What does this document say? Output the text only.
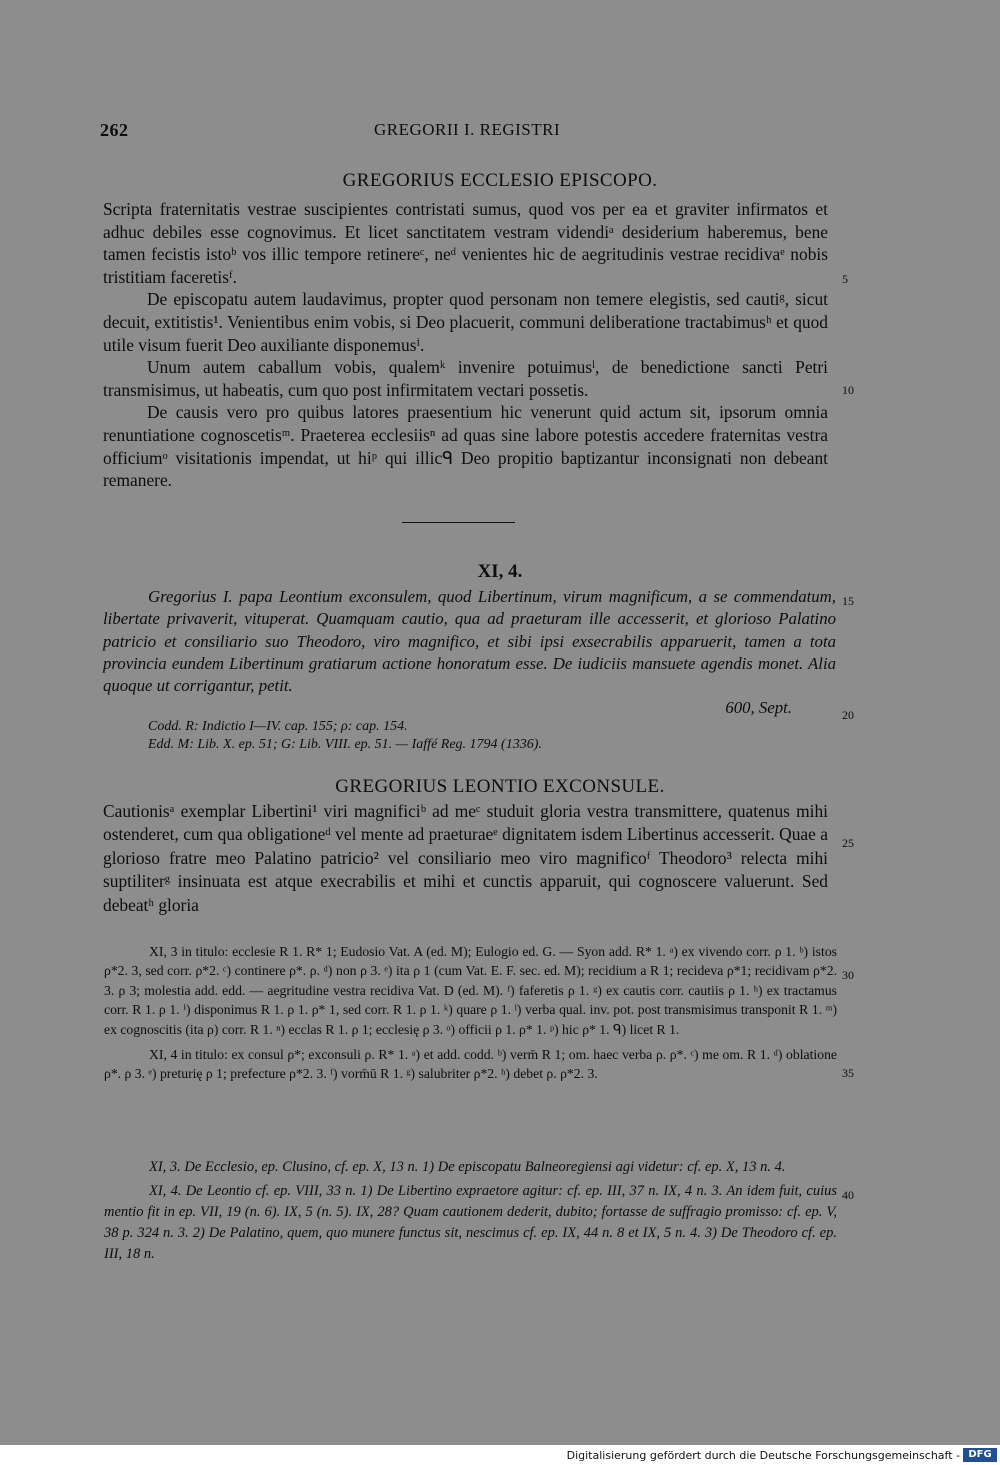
262	GREGORII I. REGISTRI
GREGORIUS ECCLESIO EPISCOPO.

Scripta fraternitatis vestrae suscipientes contristati sumus, quod vos per ea et graviter infirmatos et adhuc debiles esse cognovimus. Et licet sanctitatem vestram videndiᵃ desiderium haberemus, bene tamen fecistis istoᵇ vos illic tempore retinereᶜ, neᵈ venientes hic de aegritudinis vestrae recidivaᵉ nobis tristitiam faceretisᶠ.

De episcopatu autem laudavimus, propter quod personam non temere elegistis, sed cautiᵍ, sicut decuit, extitistis¹. Venientibus enim vobis, si Deo placuerit, communi deliberatione tractabimusʰ et quod utile visum fuerit Deo auxiliante disponemusⁱ.

Unum autem caballum vobis, qualemᵏ invenire potuimusˡ, de benedictione sancti Petri transmisimus, ut habeatis, cum quo post infirmitatem vectari possetis.

De causis vero pro quibus latores praesentium hic venerunt quid actum sit, ipsorum omnia renuntiatione cognoscetisᵐ. Praeterea ecclesiisⁿ ad quas sine labore potestis accedere fraternitas vestra officiumᵒ visitationis impendat, ut hiᵖ qui illicᑫ Deo propitio baptizantur inconsignati non debeant remanere.

XI, 4.

Gregorius I. papa Leontium exconsulem, quod Libertinum, virum magnificum, a se commendatum, libertate privaverit, vituperat. Quamquam cautio, qua ad praeturam ille accesserit, et glorioso Palatino patricio et consiliario suo Theodoro, viro magnifico, et sibi ipsi exsecrabilis apparuerit, tamen a tota provincia eundem Libertinum gratiarum actione honoratum esse. De iudiciis mansuete agendis monet. Alia quoque ut corrigantur, petit.

600, Sept.

Codd. R: Indictio I—IV. cap. 155; ρ: cap. 154.

Edd. M: Lib. X. ep. 51; G: Lib. VIII. ep. 51. — Iaffé Reg. 1794 (1336).

GREGORIUS LEONTIO EXCONSULE.

Cautionisᵃ exemplar Libertini¹ viri magnificiᵇ ad meᶜ studuit gloria vestra transmittere, quatenus mihi ostenderet, cum qua obligationeᵈ vel mente ad praeturaeᵉ dignitatem isdem Libertinus accesserit. Quae a glorioso fratre meo Palatino patricio² vel consiliario meo viro magnificoᶠ Theodoro³ relecta mihi suptiliterᵍ insinuata est atque execrabilis et mihi et cunctis apparuit, qui cognoscere valuerunt. Sed debeatʰ gloria

XI, 3 in titulo: ecclesie R 1. R* 1; Eudosio Vat. A (ed. M); Eulogio ed. G. — Syon add. R* 1. ᵃ) ex vivendo corr. ρ 1. ᵇ) istos ρ*2. 3, sed corr. ρ*2. ᶜ) continere ρ*. ρ. ᵈ) non ρ 3. ᵉ) ita ρ 1 (cum Vat. E. F. sec. ed. M); recidium a R 1; recideva ρ*1; recidivam ρ*2. 3. ρ 3; molestia add. edd. — aegritudine vestra recidiva Vat. D (ed. M). ᶠ) faferetis ρ 1. ᵍ) ex cautis corr. cautiis ρ 1. ʰ) ex tractamus corr. R 1. ρ 1. ⁱ) disponimus R 1. ρ 1. ρ* 1, sed corr. R 1. ρ 1. ᵏ) quare ρ 1. ˡ) verba qual. inv. pot. post transmisimus transponit R 1. ᵐ) ex cognoscitis (ita ρ) corr. R 1. ⁿ) ecclas R 1. ρ 1; ecclesię ρ 3. ᵒ) officii ρ 1. ρ* 1. ᵖ) hic ρ* 1. ᑫ) licet R 1.

XI, 4 in titulo: ex consul ρ*; exconsuli ρ. R* 1. ᵃ) et add. codd. ᵇ) verm̄ R 1; om. haec verba ρ. ρ*. ᶜ) me om. R 1. ᵈ) oblatione ρ*. ρ 3. ᵉ) preturię ρ 1; prefecture ρ*2. 3. ᶠ) vorm̄ū R 1. ᵍ) salubriter ρ*2. ʰ) debet ρ. ρ*2. 3.

XI, 3. De Ecclesio, ep. Clusino, cf. ep. X, 13 n. 1) De episcopatu Balneoregiensi agi videtur: cf. ep. X, 13 n. 4.

XI, 4. De Leontio cf. ep. VIII, 33 n. 1) De Libertino expraetore agitur: cf. ep. III, 37 n. IX, 4 n. 3. An idem fuit, cuius mentio fit in ep. VII, 19 (n. 6). IX, 5 (n. 5). IX, 28? Quam cautionem dederit, dubito; fortasse de suffragio promisso: cf. ep. V, 38 p. 324 n. 3. 2) De Palatino, quem, quo munere functus sit, nescimus cf. ep. IX, 44 n. 8 et IX, 5 n. 4. 3) De Theodoro cf. ep. III, 18 n.

5
10
15
20
25
30
35
40
Digitalisierung gefördert durch die Deutsche Forschungsgemeinschaft - DFG
